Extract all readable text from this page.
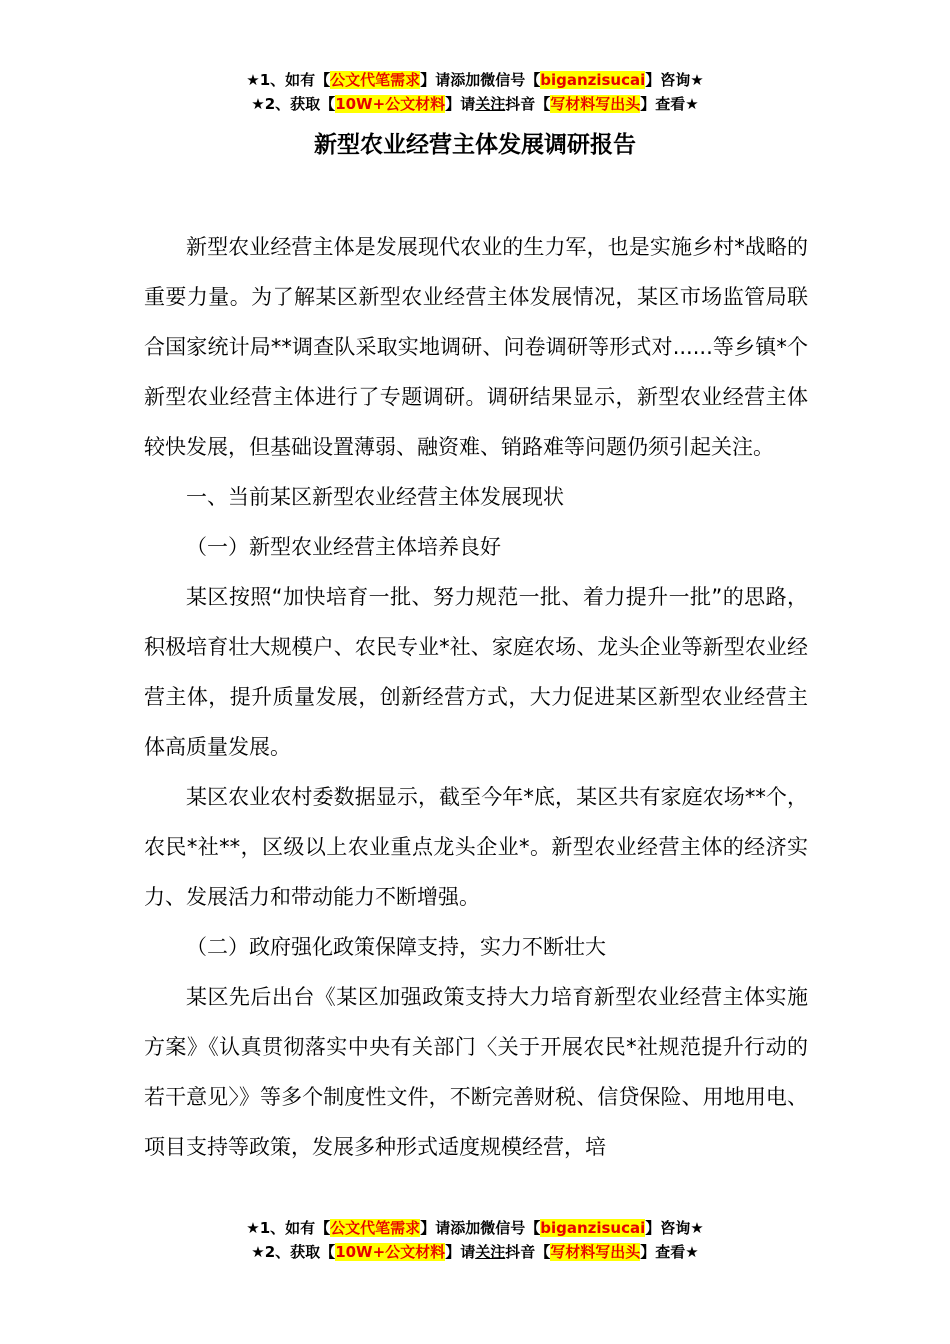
★1、如有【公文代笔需求】请添加微信号【biganzisucai】咨询★
★2、获取【10W+公文材料】请关注抖音【写材料写出头】查看★
新型农业经营主体发展调研报告

新型农业经营主体是发展现代农业的生力军，也是实施乡村*战略的重要力量。为了解某区新型农业经营主体发展情况，某区市场监管局联合国家统计局**调查队采取实地调研、问卷调研等形式对......等乡镇*个新型农业经营主体进行了专题调研。调研结果显示，新型农业经营主体较快发展，但基础设置薄弱、融资难、销路难等问题仍须引起关注。

一、当前某区新型农业经营主体发展现状

（一）新型农业经营主体培养良好

某区按照“加快培育一批、努力规范一批、着力提升一批”的思路，积极培育壮大规模户、农民专业*社、家庭农场、龙头企业等新型农业经营主体，提升质量发展，创新经营方式，大力促进某区新型农业经营主体高质量发展。

某区农业农村委数据显示，截至今年*底，某区共有家庭农场**个，农民*社**，区级以上农业重点龙头企业*。新型农业经营主体的经济实力、发展活力和带动能力不断增强。

（二）政府强化政策保障支持，实力不断壮大

某区先后出台《某区加强政策支持大力培育新型农业经营主体实施方案》《认真贯彻落实中央有关部门〈关于开展农民*社规范提升行动的若干意见〉》等多个制度性文件，不断完善财税、信贷保险、用地用电、项目支持等政策，发展多种形式适度规模经营，培

★1、如有【公文代笔需求】请添加微信号【biganzisucai】咨询★
★2、获取【10W+公文材料】请关注抖音【写材料写出头】查看★
